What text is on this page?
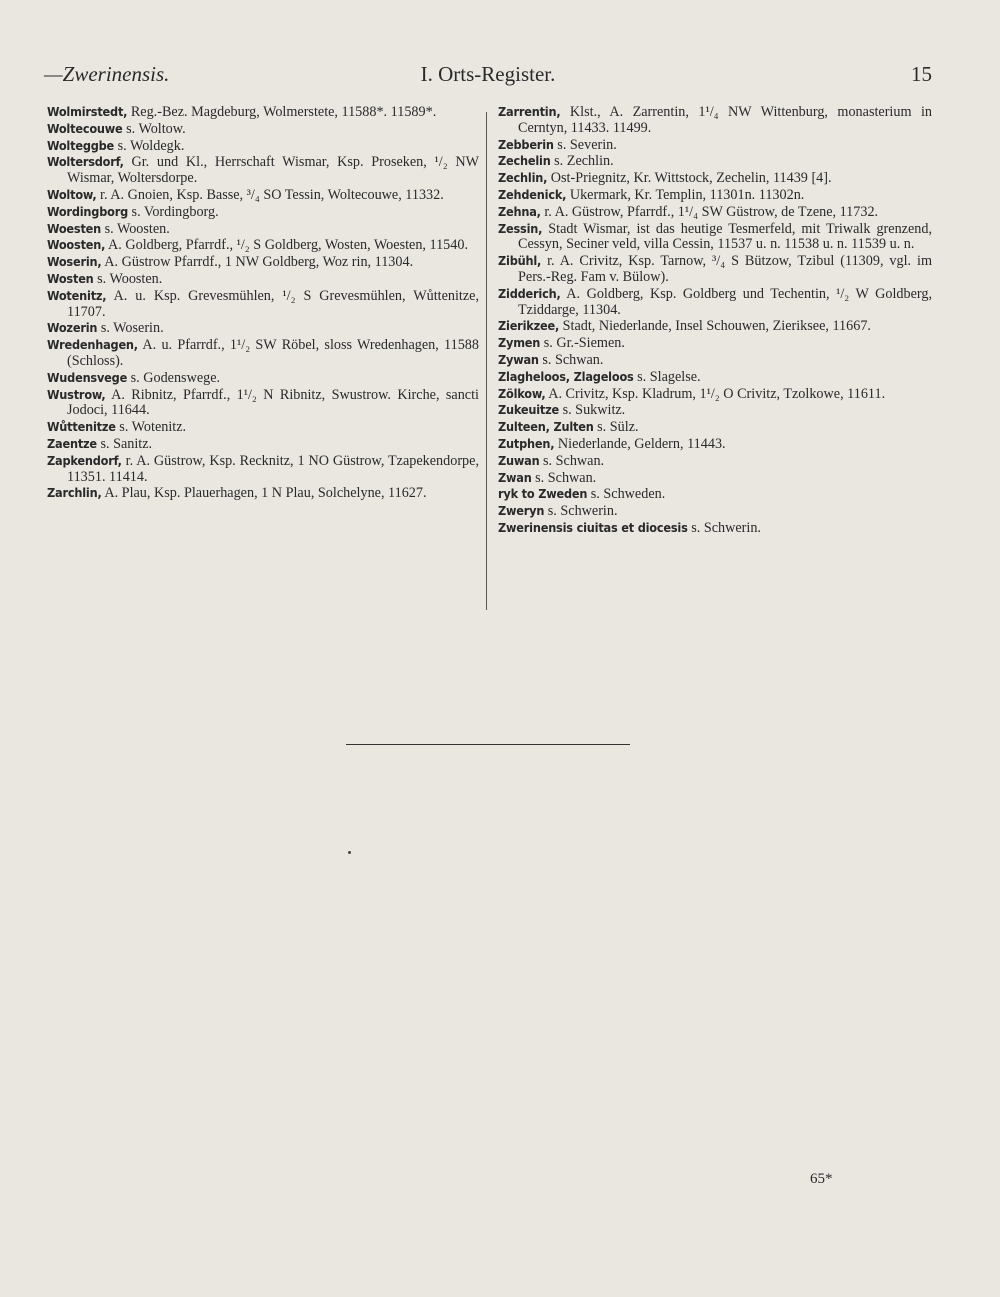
—Zwerinensis.	I. Orts-Register.	15

Wolmirstedt, Reg.-Bez. Magdeburg, Wolmerstete, 11588*. 11589*.

Woltecouwe s. Woltow.

Wolteggbe s. Woldegk.

Woltersdorf, Gr. und Kl., Herrschaft Wismar, Ksp. Proseken, ¹/₂ NW Wismar, Woltersdorpe.

Woltow, r. A. Gnoien, Ksp. Basse, ³/₄ SO Tessin, Woltecouwe, 11332.

Wordingborg s. Vordingborg.

Woesten s. Woosten.

Woosten, A. Goldberg, Pfarrdf., ¹/₂ S Goldberg, Wosten, Woesten, 11540.

Woserin, A. Güstrow Pfarrdf., 1 NW Goldberg, Woz rin, 11304.

Wosten s. Woosten.

Wotenitz, A. u. Ksp. Grevesmühlen, ¹/₂ S Grevesmühlen, Wůttenitze, 11707.

Wozerin s. Woserin.

Wredenhagen, A. u. Pfarrdf., 1¹/₂ SW Röbel, sloss Wredenhagen, 11588 (Schloss).

Wudensvege s. Godenswege.

Wustrow, A. Ribnitz, Pfarrdf., 1¹/₂ N Ribnitz, Swustrow. Kirche, sancti Jodoci, 11644.

Wůttenitze s. Wotenitz.

Zaentze s. Sanitz.

Zapkendorf, r. A. Güstrow, Ksp. Recknitz, 1 NO Güstrow, Tzapekendorpe, 11351. 11414.

Zarchlin, A. Plau, Ksp. Plauerhagen, 1 N Plau, Solchelyne, 11627.

Zarrentin, Klst., A. Zarrentin, 1¹/₄ NW Wittenburg, monasterium in Cerntyn, 11433. 11499.

Zebberin s. Severin.

Zechelin s. Zechlin.

Zechlin, Ost-Priegnitz, Kr. Wittstock, Zechelin, 11439 [4].

Zehdenick, Ukermark, Kr. Templin, 11301n. 11302n.

Zehna, r. A. Güstrow, Pfarrdf., 1¹/₄ SW Güstrow, de Tzene, 11732.

Zessin, Stadt Wismar, ist das heutige Tesmerfeld, mit Triwalk grenzend, Cessyn, Seciner veld, villa Cessin, 11537 u. n. 11538 u. n. 11539 u. n.

Zibühl, r. A. Crivitz, Ksp. Tarnow, ³/₄ S Bützow, Tzibul (11309, vgl. im Pers.-Reg. Fam v. Bülow).

Zidderich, A. Goldberg, Ksp. Goldberg und Techentin, ¹/₂ W Goldberg, Tziddarge, 11304.

Zierikzee, Stadt, Niederlande, Insel Schouwen, Zieriksee, 11667.

Zymen s. Gr.-Siemen.

Zywan s. Schwan.

Zlagheloos, Zlageloos s. Slagelse.

Zölkow, A. Crivitz, Ksp. Kladrum, 1¹/₂ O Crivitz, Tzolkowe, 11611.

Zukeuitze s. Sukwitz.

Zulteen, Zulten s. Sülz.

Zutphen, Niederlande, Geldern, 11443.

Zuwan s. Schwan.

Zwan s. Schwan.

ryk to Zweden s. Schweden.

Zweryn s. Schwerin.

Zwerinensis ciuitas et diocesis s. Schwerin.

65*
